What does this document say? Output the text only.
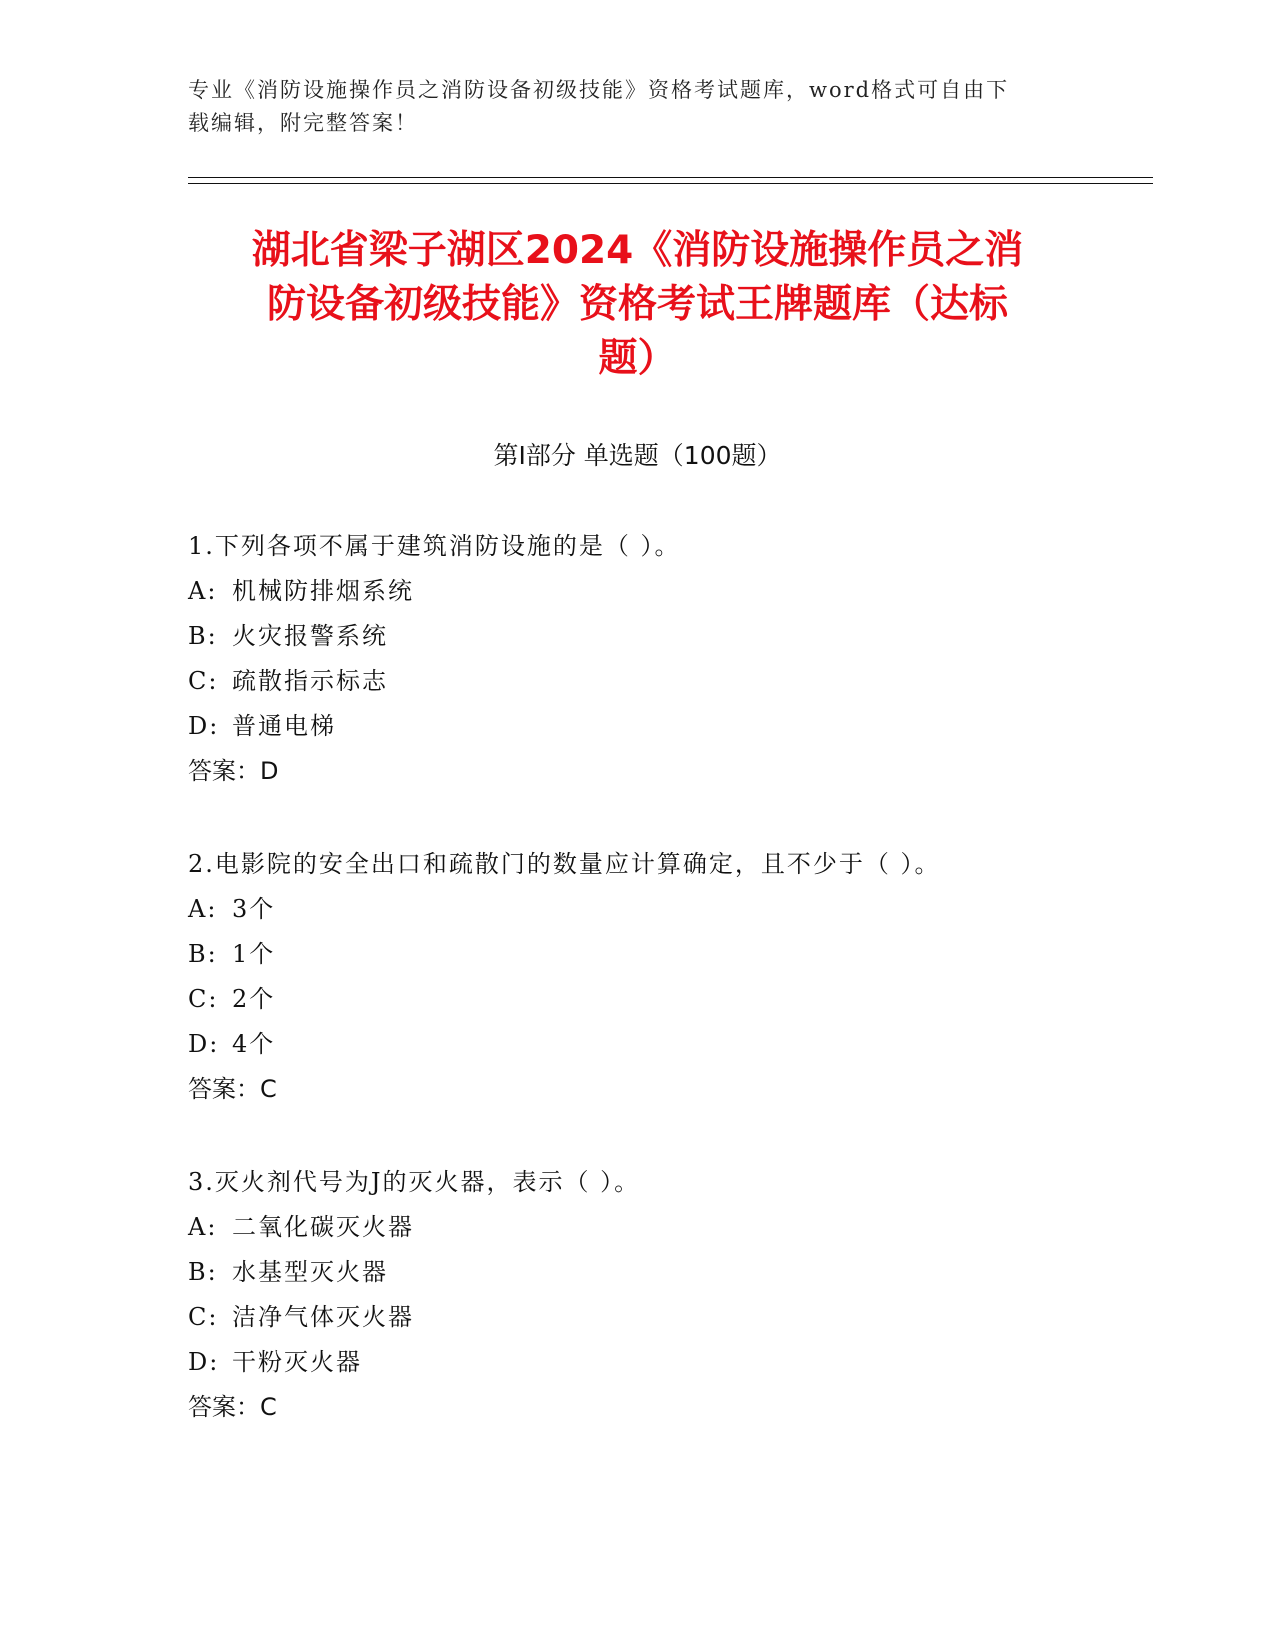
专业《消防设施操作员之消防设备初级技能》资格考试题库，word格式可自由下
载编辑，附完整答案！
湖北省梁子湖区2024《消防设施操作员之消
防设备初级技能》资格考试王牌题库（达标
题）
第Ⅰ部分 单选题（100题）
1.下列各项不属于建筑消防设施的是（ ）。
A: 机械防排烟系统
B: 火灾报警系统
C: 疏散指示标志
D: 普通电梯
答案：D
2.电影院的安全出口和疏散门的数量应计算确定，且不少于（ ）。
A: 3个
B: 1个
C: 2个
D: 4个
答案：C
3.灭火剂代号为J的灭火器，表示（ ）。
A: 二氧化碳灭火器
B: 水基型灭火器
C: 洁净气体灭火器
D: 干粉灭火器
答案：C
